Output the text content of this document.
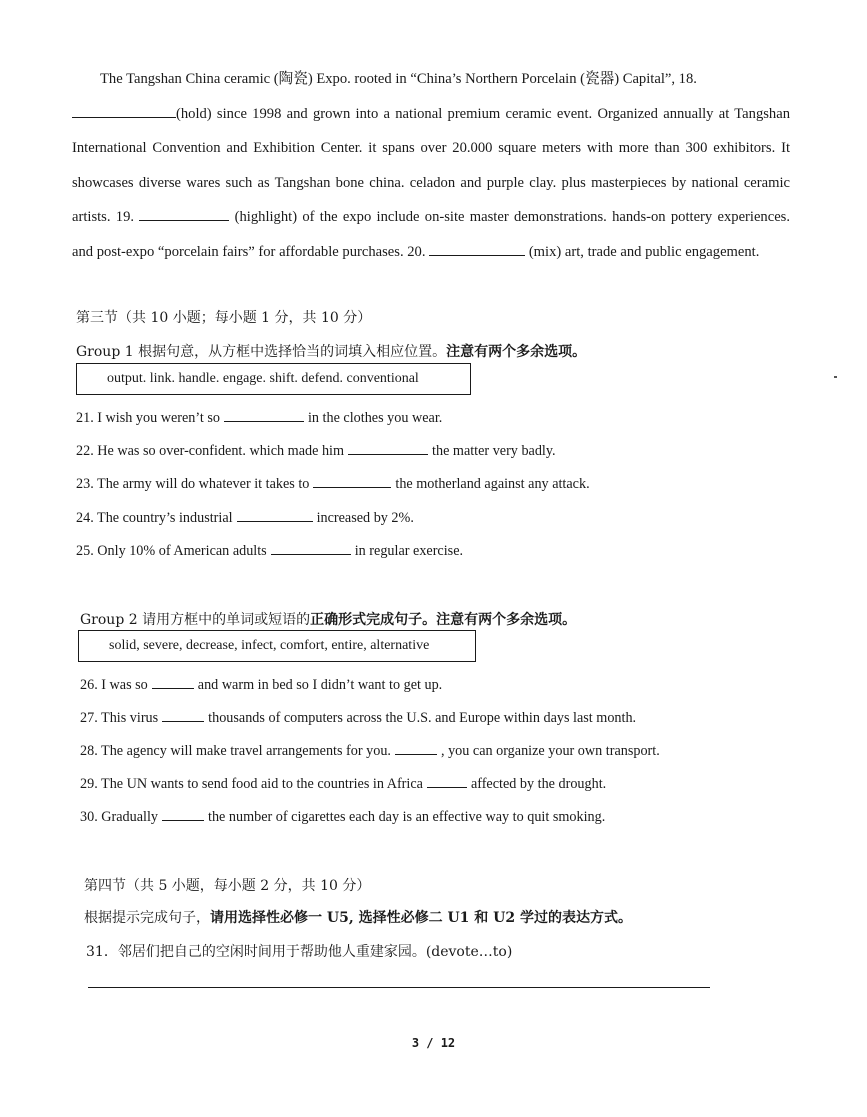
The Tangshan China ceramic (陶瓷) Expo. rooted in “China’s Northern Porcelain (瓷器) Capital”, 18.
(hold) since 1998 and grown into a national premium ceramic event. Organized annually at Tangshan International Convention and Exhibition Center. it spans over 20.000 square meters with more than 300 exhibitors. It showcases diverse wares such as Tangshan bone china. celadon and purple clay. plus masterpieces by national ceramic artists. 19.	(highlight) of the expo include on-site master demonstrations. hands-on pottery experiences. and post-expo “porcelain fairs” for affordable purchases. 20.	(mix) art, trade and public engagement.

第三节（共 10 小题；每小题 1 分，共 10 分）

Group 1 根据句意，从方框中选择恰当的词填入相应位置。注意有两个多余选项。

output. link. handle. engage. shift. defend. conventional

21. I wish you weren’t so	in the clothes you wear.

22. He was so over-confident. which made him	the matter very badly.

23. The army will do whatever it takes to	the motherland against any attack.

24. The country’s industrial	increased by 2%.

25. Only 10% of American adults	in regular exercise.

Group 2 请用方框中的单词或短语的正确形式完成句子。注意有两个多余选项。

solid, severe, decrease, infect, comfort, entire, alternative

26. I was so	and warm in bed so I didn’t want to get up.

27. This virus	thousands of computers across the U.S. and Europe within days last month.

28. The agency will make travel arrangements for you.	, you can organize your own transport.

29. The UN wants to send food aid to the countries in Africa	affected by the drought.

30. Gradually	the number of cigarettes each day is an effective way to quit smoking.

第四节（共 5 小题，每小题 2 分，共 10 分）

根据提示完成句子，请用选择性必修一 U5, 选择性必修二 U1 和 U2 学过的表达方式。

31．邻居们把自己的空闲时间用于帮助他人重建家园。(devote…to)

3 / 12
